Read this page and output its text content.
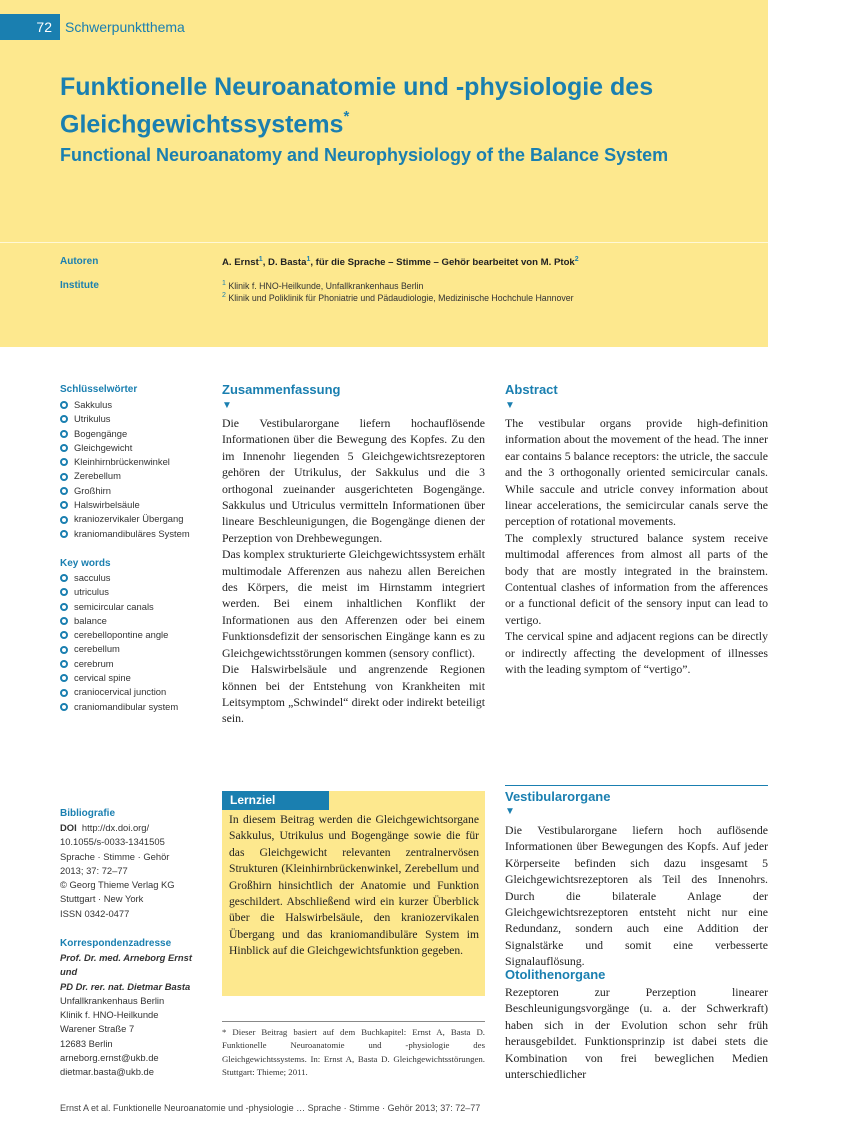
72 Schwerpunktthema
Funktionelle Neuroanatomie und -physiologie des
Gleichgewichtssystems*
Functional Neuroanatomy and Neurophysiology of the Balance System
Autoren	A. Ernst$^1$, D. Basta$^1$, für die Sprache – Stimme – Gehör bearbeitet von M. Ptok$^2$
Institute	$^1$ Klinik f. HNO-Heilkunde, Unfallkrankenhaus Berlin
$^2$ Klinik und Poliklinik für Phoniatrie und Pädaudiologie, Medizinische Hochchule Hannover
Schlüsselwörter
Sakkulus
Utrikulus
Bogengänge
Gleichgewicht
Kleinhirnbrückenwinkel
Zerebellum
Großhirn
Halswirbelsäule
kraniozervikaler Übergang
kraniomandibuläres System
Key words
sacculus
utriculus
semicircular canals
balance
cerebellopontine angle
cerebellum
cerebrum
cervical spine
craniocervical junction
craniomandibular system
Zusammenfassung
▼
Die Vestibularorgane liefern hochauflösende Informationen über die Bewegung des Kopfes. Zu den im Innenohr liegenden 5 Gleichgewichtsrezeptoren gehören der Utrikulus, der Sakkulus und die 3 orthogonal zueinander ausgerichteten Bogengänge. Sakkulus und Utriculus vermitteln Informationen über lineare Beschleunigungen, die Bogengänge dienen der Perzeption von Drehbewegungen.
Das komplex strukturierte Gleichgewichtssystem erhält multimodale Afferenzen aus nahezu allen Bereichen des Körpers, die meist im Hirnstamm integriert werden. Bei einem inhaltlichen Konflikt der Informationen aus den Afferenzen oder bei einem Funktionsdefizit der sensorischen Eingänge kann es zu Gleichgewichtsstörungen kommen (sensory conflict).
Die Halswirbelsäule und angrenzende Regionen können bei der Entstehung von Krankheiten mit Leitsymptom „Schwindel“ direkt oder indirekt beteiligt sein.
Abstract
▼
The vestibular organs provide high-definition information about the movement of the head. The inner ear contains 5 balance receptors: the utricle, the saccule and the 3 orthogonally oriented semicircular canals. While saccule and utricle convey information about linear accelerations, the semicircular canals serve the perception of rotational movements.
The complexly structured balance system receive multimodal afferences from almost all parts of the body that are mostly integrated in the brainstem. Contentual clashes of information from the afferences or a functional deficit of the sensory input can lead to vertigo.
The cervical spine and adjacent regions can be directly or indirectly affecting the development of illnesses with the leading symptom of “vertigo”.
Lernziel
In diesem Beitrag werden die Gleichgewichtsorgane Sakkulus, Utrikulus und Bogengänge sowie die für das Gleichgewicht relevanten zentralnervösen Strukturen (Kleinhirnbrückenwinkel, Zerebellum und Großhirn hinsichtlich der Anatomie und Funktion geschildert. Abschließend wird ein kurzer Überblick über die Halswirbelsäule, den kraniozervikalen Übergang und das kraniomandibuläre System im Hinblick auf die Gleichgewichtsfunktion gegeben.
* Dieser Beitrag basiert auf dem Buchkapitel: Ernst A, Basta D. Funktionelle Neuroanatomie und -physiologie des Gleichgewichtssystems. In: Ernst A, Basta D. Gleichgewichtsstörungen. Stuttgart: Thieme; 2011.
Vestibularorgane
▼
Die Vestibularorgane liefern hoch auflösende Informationen über Bewegungen des Kopfs. Auf jeder Körperseite befinden sich dazu insgesamt 5 Gleichgewichtsrezeptoren als Teil des Innenohrs. Durch die bilaterale Anlage der Gleichgewichtsrezeptoren entsteht nicht nur eine Redundanz, sondern auch eine Addition der Signalstärke und somit eine verbesserte Signalauflösung.
Otolithenorgane
Rezeptoren zur Perzeption linearer Beschleunigungsvorgänge (u. a. der Schwerkraft) haben sich in der Evolution schon sehr früh herausgebildet. Funktionsprinzip ist dabei stets die Kombination von frei beweglichen Medien unterschiedlicher
Bibliografie
DOI http://dx.doi.org/
10.1055/s-0033-1341505
Sprache · Stimme · Gehör
2013; 37: 72–77
© Georg Thieme Verlag KG
Stuttgart · New York
ISSN 0342-0477
Korrespondenzadresse
Prof. Dr. med. Arneborg Ernst
und
PD Dr. rer. nat. Dietmar Basta
Unfallkrankenhaus Berlin
Klinik f. HNO-Heilkunde
Warener Straße 7
12683 Berlin
arneborg.ernst@ukb.de
dietmar.basta@ukb.de
Ernst A et al. Funktionelle Neuroanatomie und -physiologie … Sprache · Stimme · Gehör 2013; 37: 72–77
